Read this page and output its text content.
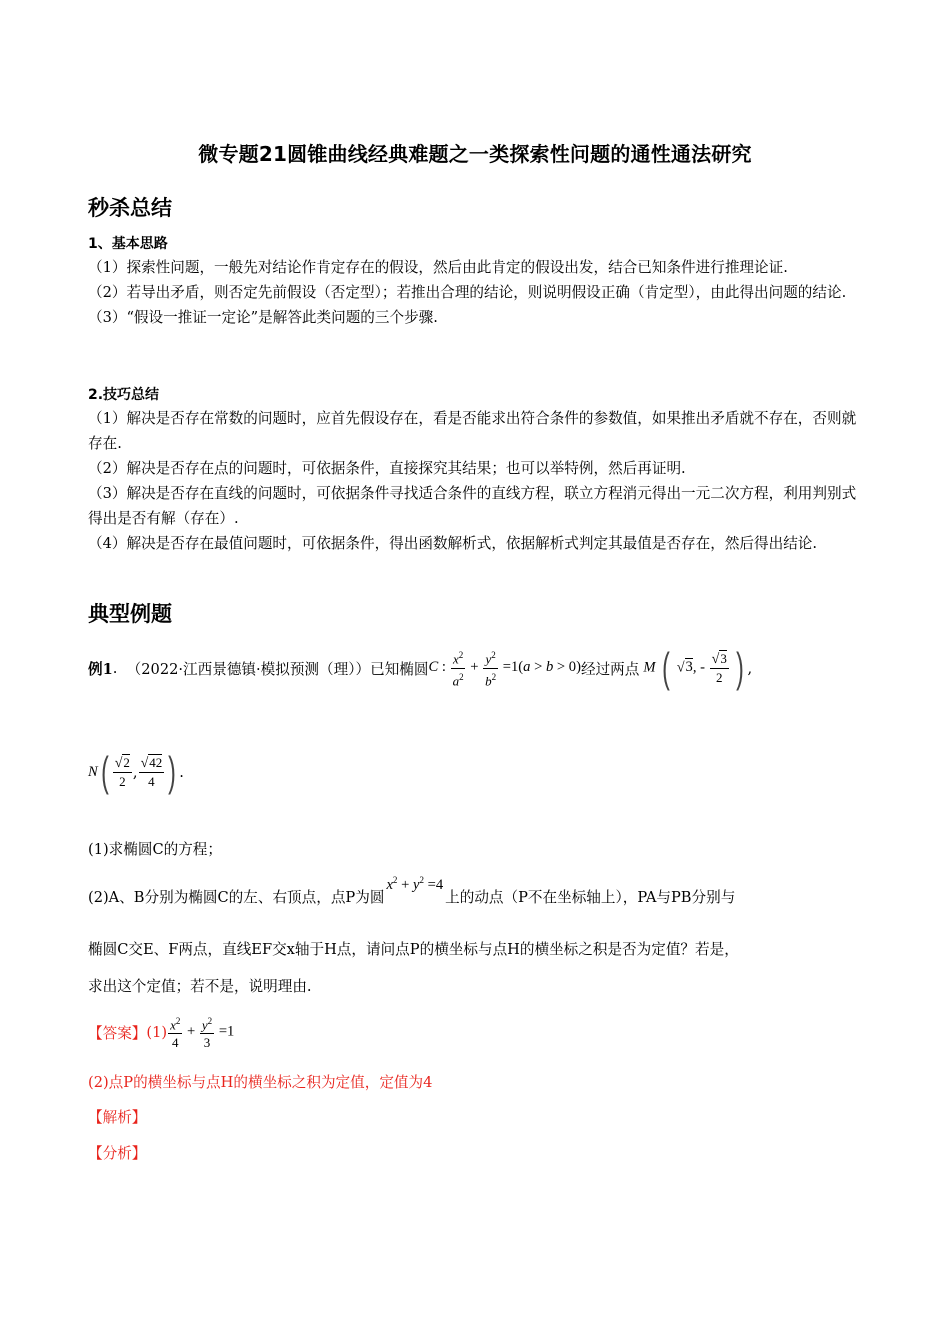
微专题21圆锥曲线经典难题之一类探索性问题的通性通法研究
秒杀总结
1、基本思路

（1）探索性问题，一般先对结论作肯定存在的假设，然后由此肯定的假设出发，结合已知条件进行推理论证.

（2）若导出矛盾，则否定先前假设（否定型）；若推出合理的结论，则说明假设正确（肯定型），由此得出问题的结论.

（3）“假设一推证一定论”是解答此类问题的三个步骤.

2.技巧总结

（1）解决是否存在常数的问题时，应首先假设存在，看是否能求出符合条件的参数值，如果推出矛盾就不存在，否则就存在.

（2）解决是否存在点的问题时，可依据条件，直接探究其结果；也可以举特例，然后再证明.

（3）解决是否存在直线的问题时，可依据条件寻找适合条件的直线方程，联立方程消元得出一元二次方程，利用判别式得出是否有解（存在）.

（4）解决是否存在最值问题时，可依据条件，得出函数解析式，依据解析式判定其最值是否存在，然后得出结论.

典型例题
例1 . （2022·江西景德镇·模拟预测（理））已知椭圆 C : $\frac{x^2}{a^2} + \frac{y^2}{b^2} =1(a > b > 0)$ 经过两点 M ( √3, - $\frac{√3}{2}$ ) ,
N ( $\frac{√2}{2}$ , $\frac{√42}{4}$ ) .
(1)求椭圆C的方程；
(2)A、B分别为椭圆C的左、右顶点，点P为圆
$x^2 + y^2 =4$
上的动点（P不在坐标轴上），PA与PB分别与
椭圆C交E、F两点，直线EF交x轴于H点，请问点P的横坐标与点H的横坐标之积是否为定值？若是，
求出这个定值；若不是，说明理由.
【答案】 $(1) \frac{x^2}{4} + \frac{y^2}{3} =1$
(2)点P的横坐标与点H的横坐标之积为定值，定值为4
【解析】
【分析】
